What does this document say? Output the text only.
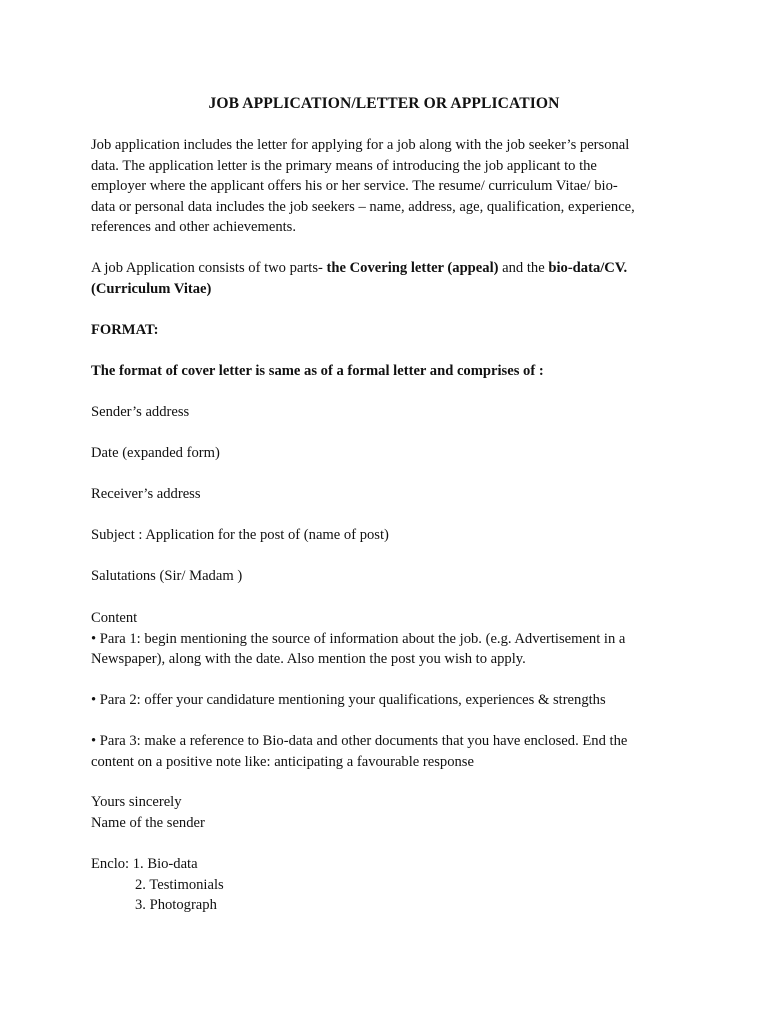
JOB APPLICATION/LETTER OR APPLICATION

Job application includes the letter for applying for a job along with the job seeker’s personal
data. The application letter is the primary means of introducing the job applicant to the
employer where the applicant offers his or her service. The resume/ curriculum Vitae/ bio-
data or personal data includes the job seekers – name, address, age, qualification, experience,
references and other achievements.

A job Application consists of two parts- the Covering letter (appeal) and the bio-data/CV.
(Curriculum Vitae)

FORMAT:

The format of cover letter is same as of a formal letter and comprises of :

Sender’s address

Date (expanded form)

Receiver’s address

Subject : Application for the post of (name of post)

Salutations (Sir/ Madam )

Content
• Para 1: begin mentioning the source of information about the job. (e.g. Advertisement in a
Newspaper), along with the date. Also mention the post you wish to apply.

• Para 2: offer your candidature mentioning your qualifications, experiences & strengths

• Para 3: make a reference to Bio-data and other documents that you have enclosed. End the
content on a positive note like: anticipating a favourable response

Yours sincerely
Name of the sender

Enclo: 1. Bio-data
2. Testimonials
3. Photograph
